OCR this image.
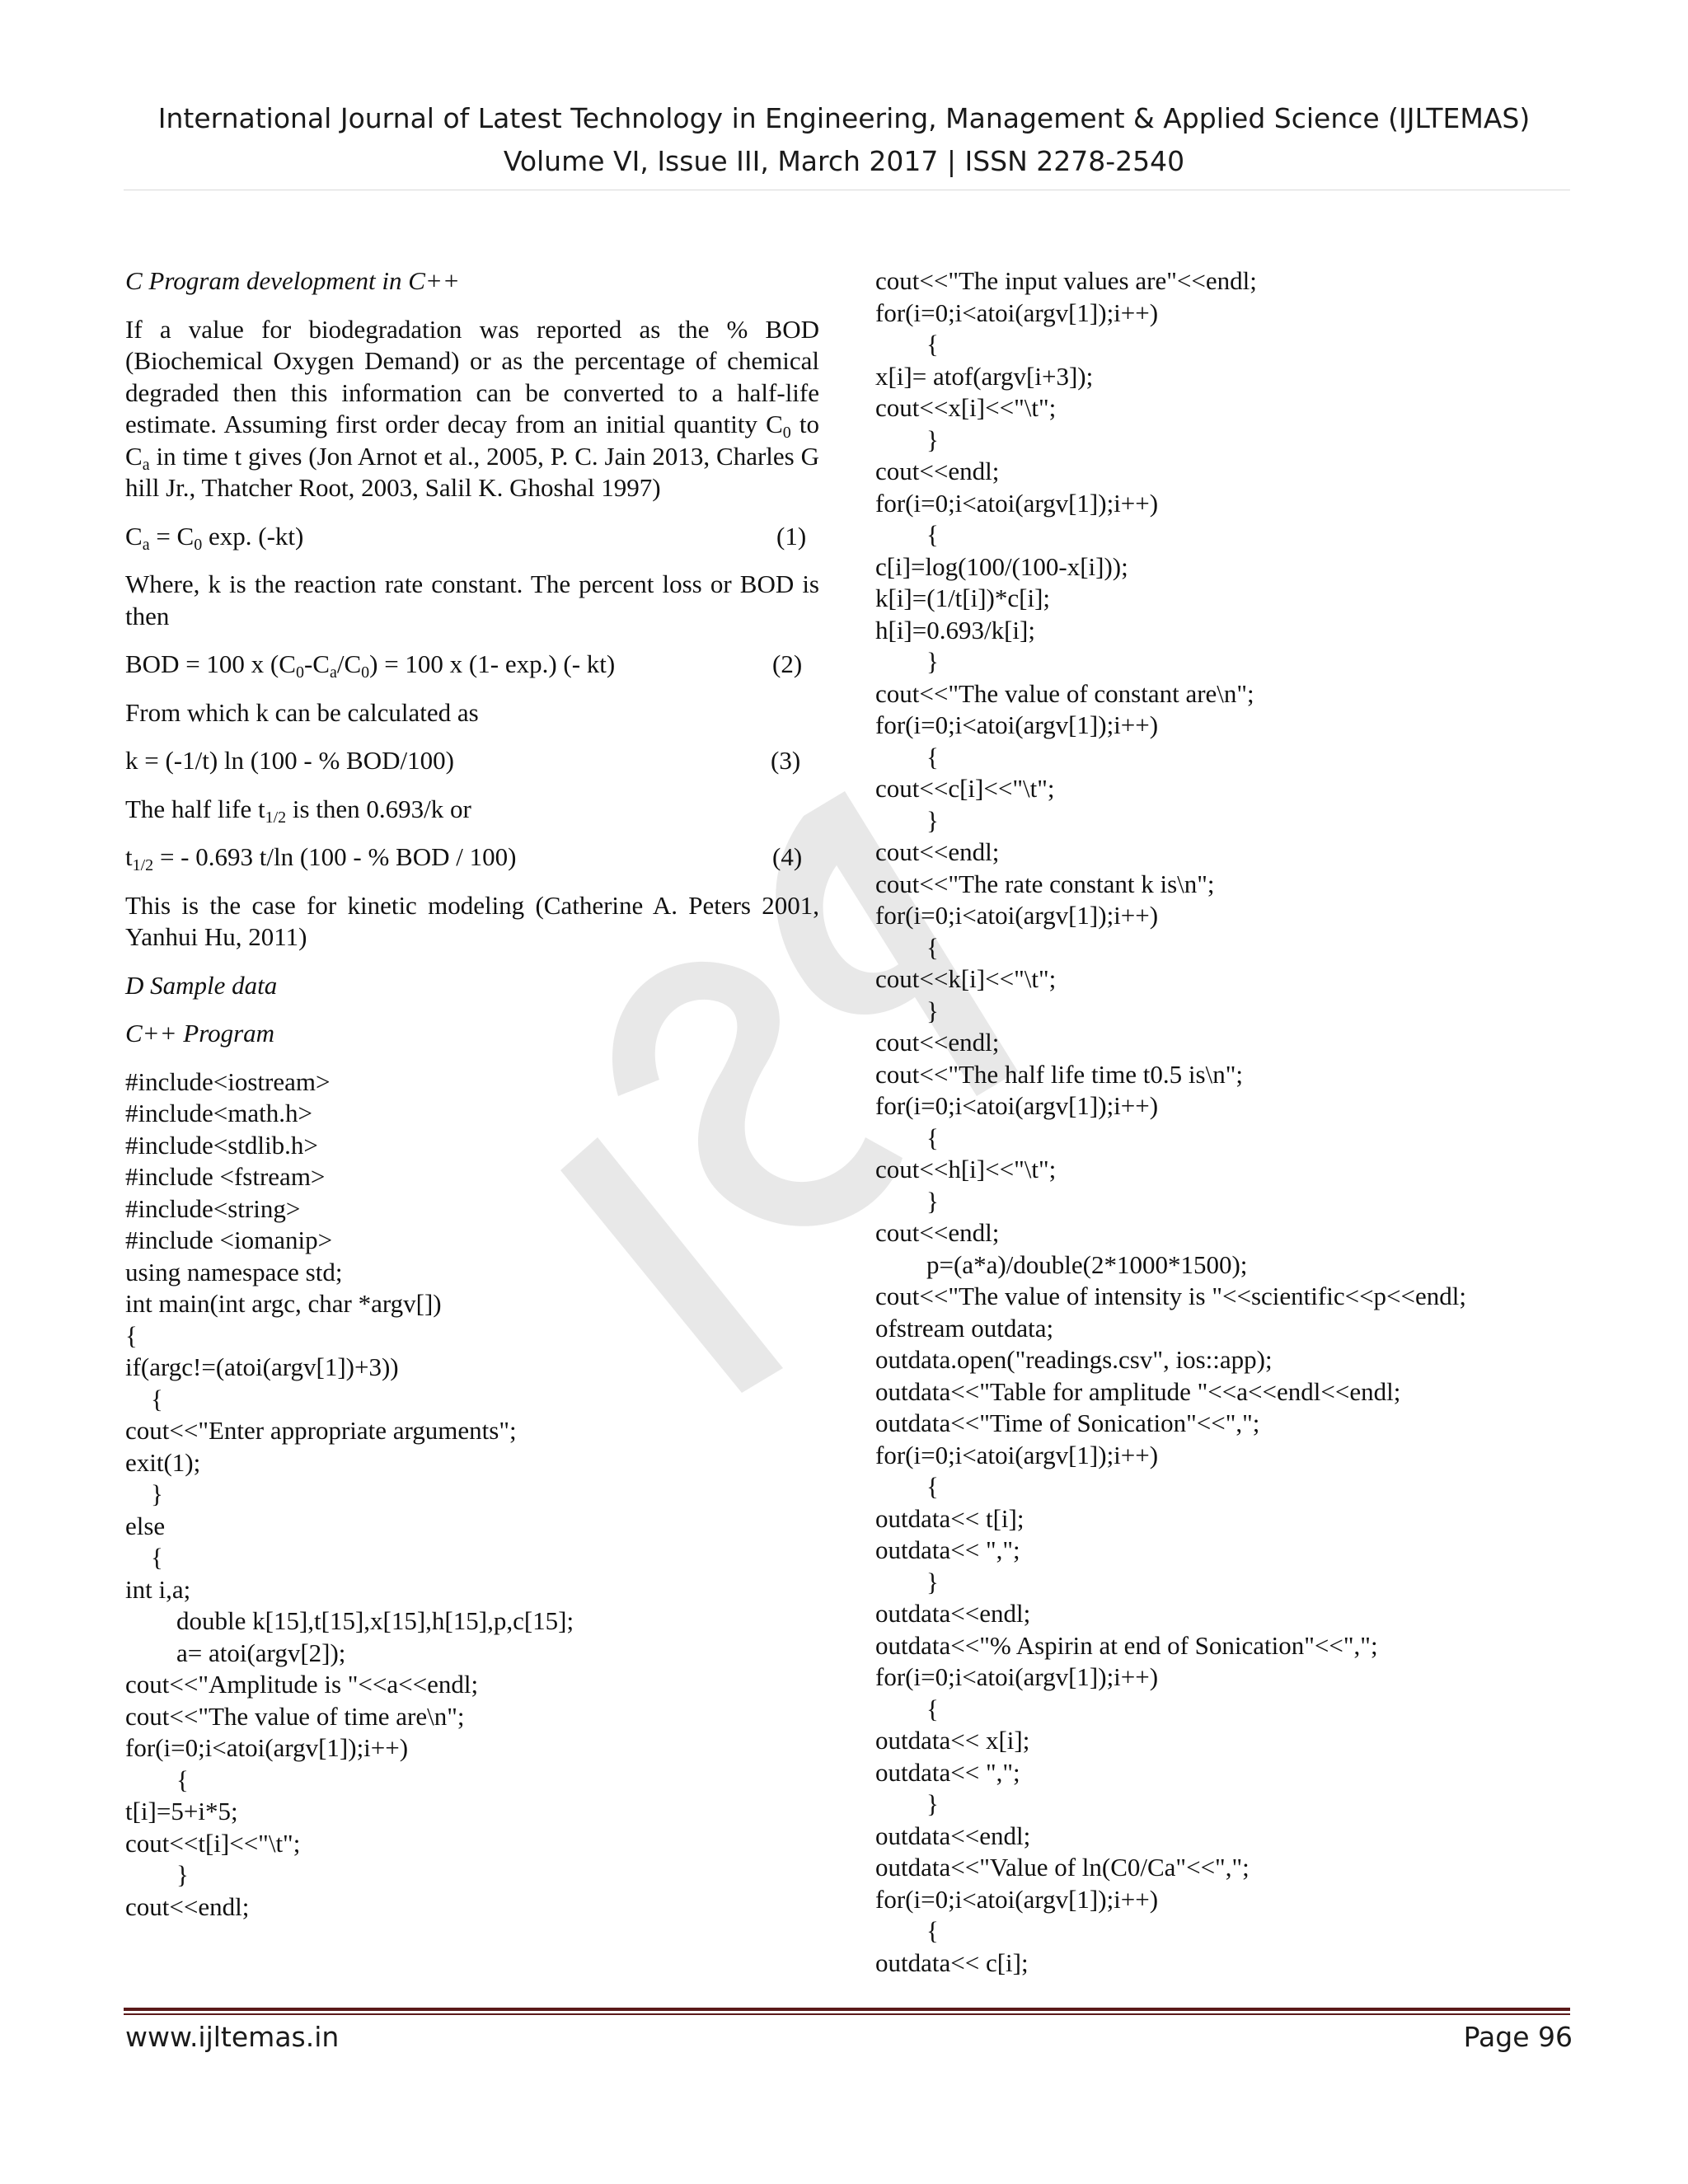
International Journal of Latest Technology in Engineering, Management & Applied Science (IJLTEMAS)
Volume VI, Issue III, March 2017 | ISSN 2278-2540
C Program development in C++
If a value for biodegradation was reported as the % BOD (Biochemical Oxygen Demand) or as the percentage of chemical degraded then this information can be converted to a half-life estimate. Assuming first order decay from an initial quantity $C_0$ to $C_a$ in time t gives (Jon Arnot et al., 2005, P. C. Jain 2013, Charles G hill Jr., Thatcher Root, 2003, Salil K. Ghoshal 1997)
$C_a = C_0$ exp. (-kt)	(1)
Where, k is the reaction rate constant. The percent loss or BOD is then
BOD = 100 x $(C_0-C_a/C_0) = 100$ x (1- exp.) (- kt)	(2)
From which k can be calculated as
k = (-1/t) ln (100 - % BOD/100)	(3)
The half life $t_{1/2}$ is then 0.693/k or
$t_{1/2}$ = - 0.693 t/ln (100 - % BOD / 100)	(4)
This is the case for kinetic modeling (Catherine A. Peters 2001, Yanhui Hu, 2011)
D Sample data
C++ Program
#include<iostream>
#include<math.h>
#include<stdlib.h>
#include <fstream>
#include<string>
#include <iomanip>
using namespace std;
int main(int argc, char *argv[])
{
if(argc!=(atoi(argv[1])+3))
{
cout<<"Enter appropriate arguments";
exit(1);
}
else
{
int i,a;
double k[15],t[15],x[15],h[15],p,c[15];
a= atoi(argv[2]);
cout<<"Amplitude is "<<a<<endl;
cout<<"The value of time are\n";
for(i=0;i<atoi(argv[1]);i++)
{
t[i]=5+i*5;
cout<<t[i]<<"\t";
}
cout<<endl;
cout<<"The input values are"<<endl;
for(i=0;i<atoi(argv[1]);i++)
{
x[i]= atof(argv[i+3]);
cout<<x[i]<<"\t";
}
cout<<endl;
for(i=0;i<atoi(argv[1]);i++)
{
c[i]=log(100/(100-x[i]));
k[i]=(1/t[i])*c[i];
h[i]=0.693/k[i];
}
cout<<"The value of constant are\n";
for(i=0;i<atoi(argv[1]);i++)
{
cout<<c[i]<<"\t";
}
cout<<endl;
cout<<"The rate constant k is\n";
for(i=0;i<atoi(argv[1]);i++)
{
cout<<k[i]<<"\t";
}
cout<<endl;
cout<<"The half life time t0.5 is\n";
for(i=0;i<atoi(argv[1]);i++)
{
cout<<h[i]<<"\t";
}
cout<<endl;
p=(a*a)/double(2*1000*1500);
cout<<"The value of intensity is "<<scientific<<p<<endl;
ofstream outdata;
outdata.open("readings.csv", ios::app);
outdata<<"Table for amplitude "<<a<<endl<<endl;
outdata<<"Time of Sonication"<<",";
for(i=0;i<atoi(argv[1]);i++)
{
outdata<< t[i];
outdata<< ",";
}
outdata<<endl;
outdata<<"% Aspirin at end of Sonication"<<",";
for(i=0;i<atoi(argv[1]);i++)
{
outdata<< x[i];
outdata<< ",";
}
outdata<<endl;
outdata<<"Value of ln(C0/Ca"<<",";
for(i=0;i<atoi(argv[1]);i++)
{
outdata<< c[i];
www.ijltemas.in	Page 96
